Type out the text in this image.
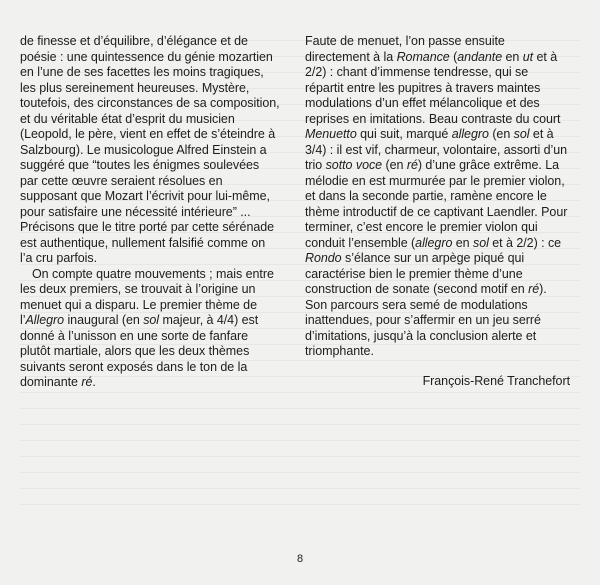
de finesse et d’équilibre, d’élégance et de poésie : une quintessence du génie mozartien en l’une de ses facettes les moins tragiques, les plus sereinement heureuses. Mystère, toutefois, des circonstances de sa composition, et du véritable état d’esprit du musicien (Leopold, le père, vient en effet de s’éteindre à Salzbourg). Le musicologue Alfred Einstein a suggéré que “toutes les énigmes soulevées par cette œuvre seraient résolues en supposant que Mozart l’écrivit pour lui-même, pour satisfaire une nécessité intérieure” ... Précisons que le titre porté par cette sérénade est authentique, nullement falsifié comme on l’a cru parfois.

On compte quatre mouvements ; mais entre les deux premiers, se trouvait à l’origine un menuet qui a disparu. Le premier thème de l’Allegro inaugural (en sol majeur, à 4/4) est donné à l’unisson en une sorte de fanfare plutôt martiale, alors que les deux thèmes suivants seront exposés dans le ton de la dominante ré.

Faute de menuet, l’on passe ensuite directement à la Romance (andante en ut et à 2/2) : chant d’immense tendresse, qui se répartit entre les pupitres à travers maintes modulations d’un effet mélancolique et des reprises en imitations. Beau contraste du court Menuetto qui suit, marqué allegro (en sol et à 3/4) : il est vif, charmeur, volontaire, assorti d’un trio sotto voce (en ré) d’une grâce extrême. La mélodie en est murmurée par le premier violon, et dans la seconde partie, ramène encore le thème introductif de ce captivant Laendler. Pour terminer, c’est encore le premier violon qui conduit l’ensemble (allegro en sol et à 2/2) : ce Rondo s’élance sur un arpège piqué qui caractérise bien le premier thème d’une construction de sonate (second motif en ré). Son parcours sera semé de modulations inattendues, pour s’affermir en un jeu serré d’imitations, jusqu’à la conclusion alerte et triomphante.

François-René Tranchefort

8
